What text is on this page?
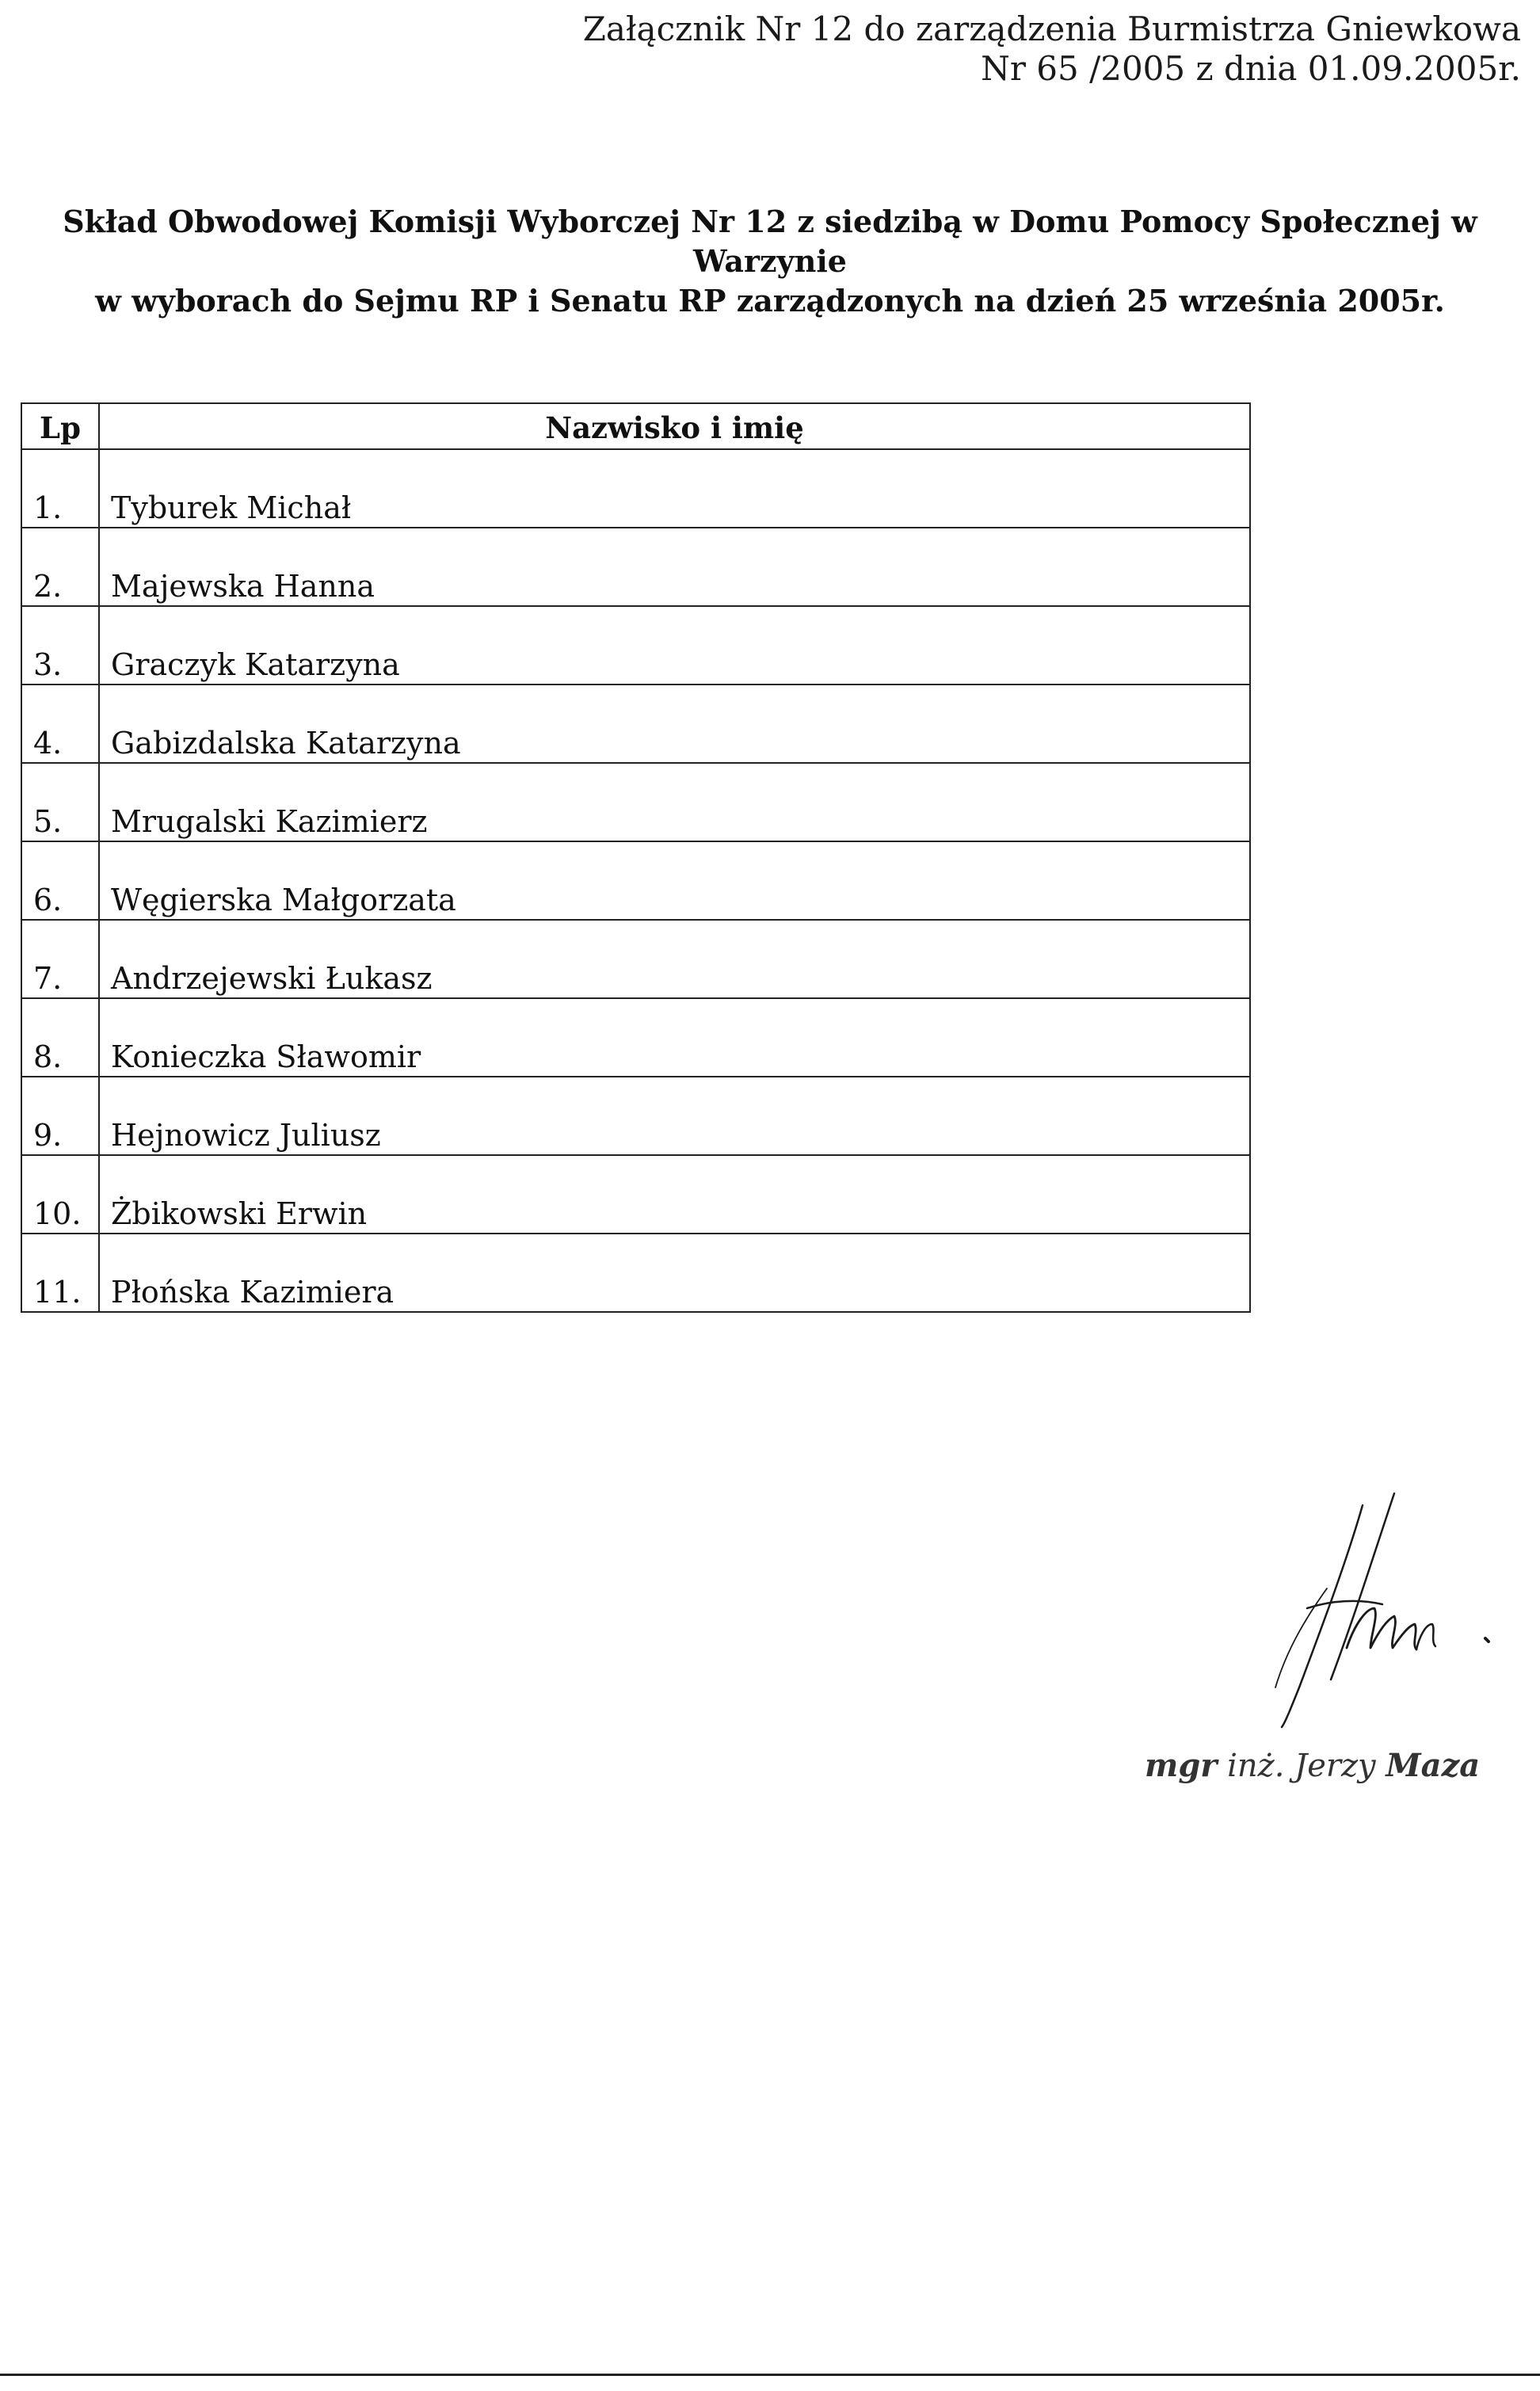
Załącznik Nr 12 do zarządzenia Burmistrza Gniewkowa
Nr 65 /2005 z dnia 01.09.2005r.
Skład Obwodowej Komisji Wyborczej Nr 12 z siedzibą w Domu Pomocy Społecznej w
Warzynie
w wyborach do Sejmu RP i Senatu RP zarządzonych na dzień 25 września 2005r.
Lp	Nazwisko i imię
1.	Tyburek Michał
2.	Majewska Hanna
3.	Graczyk Katarzyna
4.	Gabizdalska Katarzyna
5.	Mrugalski Kazimierz
6.	Węgierska Małgorzata
7.	Andrzejewski Łukasz
8.	Konieczka Sławomir
9.	Hejnowicz Juliusz
10.	Żbikowski Erwin
11.	Płońska Kazimiera
mgr inż. Jerzy Maza
